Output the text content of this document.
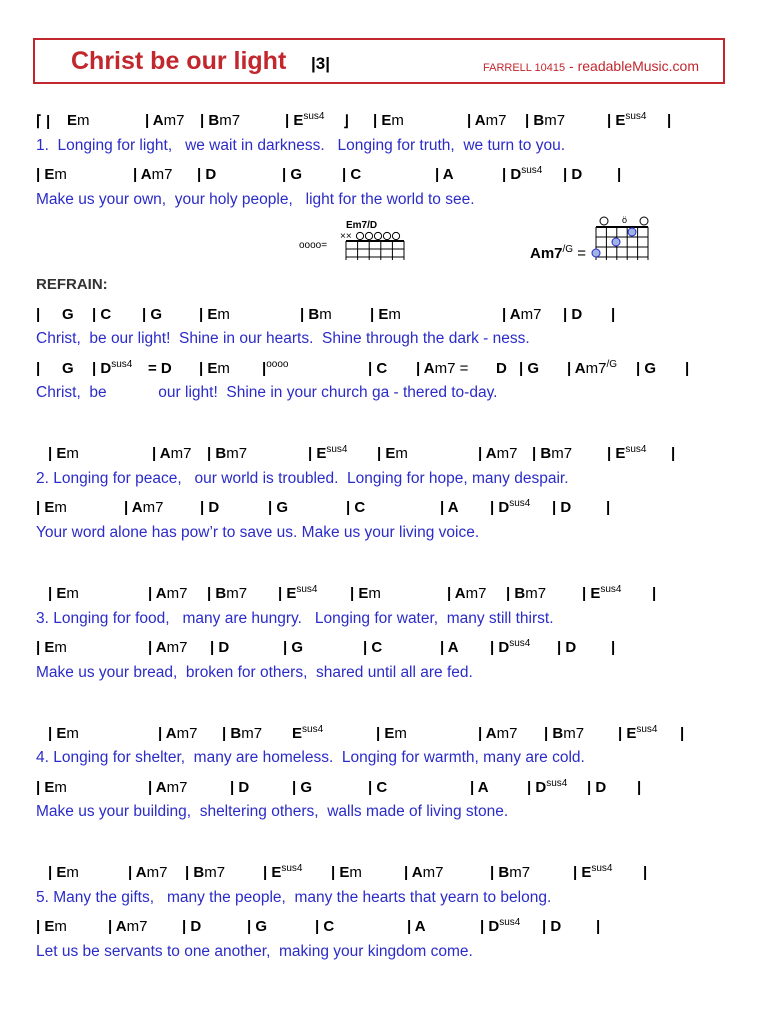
Christ be our light |3|	FARRELL 10415 - readableMusic.com
⌈ | Em	| Am7 | Bm7	| $E^{sus4}$ ⌋ | Em	| Am7 | Bm7	| $E^{sus4}$ |
1.  Longing for light,   we wait in darkness.   Longing for truth,  we turn to you.
| Em	| Am7 | D	| G	| C	| A	| $D^{sus4}$ | D |
Make us your own,  your holy people,   light for the world to see.
oooo=
Em7/D
××
$Am7^{/G}$ =
ö
REFRAIN:
| G | C | G | Em	| Bm	| Em	| Am7 | D |
Christ,  be our light!  Shine in our hearts.  Shine through the dark - ness.
| G | $D^{sus4} = D$ | Em $|^{oooo}$	| C | Am7 = D | G | $Am7^{/G}$ | G |
Christ,  be            our light!  Shine in your church ga - thered to-day.
| Em	| Am7 | Bm7	| $E^{sus4}$ | Em	| Am7 | Bm7 | $E^{sus4}$ |
2. Longing for peace,   our world is troubled.  Longing for hope, many despair.
| Em	| Am7 | D	| G	| C	| A | $D^{sus4}$ | D |
Your word alone has pow’r to save us. Make us your living voice.
| Em	| Am7 | Bm7 | $E^{sus4}$ | Em	| Am7 | Bm7 | $E^{sus4}$ |
3. Longing for food,   many are hungry.   Longing for water,  many still thirst.
| Em	| Am7 | D	| G	| C	| A | $D^{sus4}$ | D |
Make us your bread,  broken for others,  shared until all are fed.
| Em	| Am7 | Bm7 $E^{sus4}$	| Em	| Am7 | Bm7 | $E^{sus4}$ |
4. Longing for shelter,  many are homeless.  Longing for warmth, many are cold.
| Em	| Am7	| D	| G	| C	| A	| $D^{sus4}$ | D |
Make us your building,  sheltering others,  walls made of living stone.
| Em	| Am7 | Bm7	| $E^{sus4}$ | Em	| Am7	| Bm7	| $E^{sus4}$ |
5. Many the gifts,   many the people,  many the hearts that yearn to belong.
| Em	| Am7 | D	| G	| C	| A	| $D^{sus4}$ | D |
Let us be servants to one another,  making your kingdom come.
